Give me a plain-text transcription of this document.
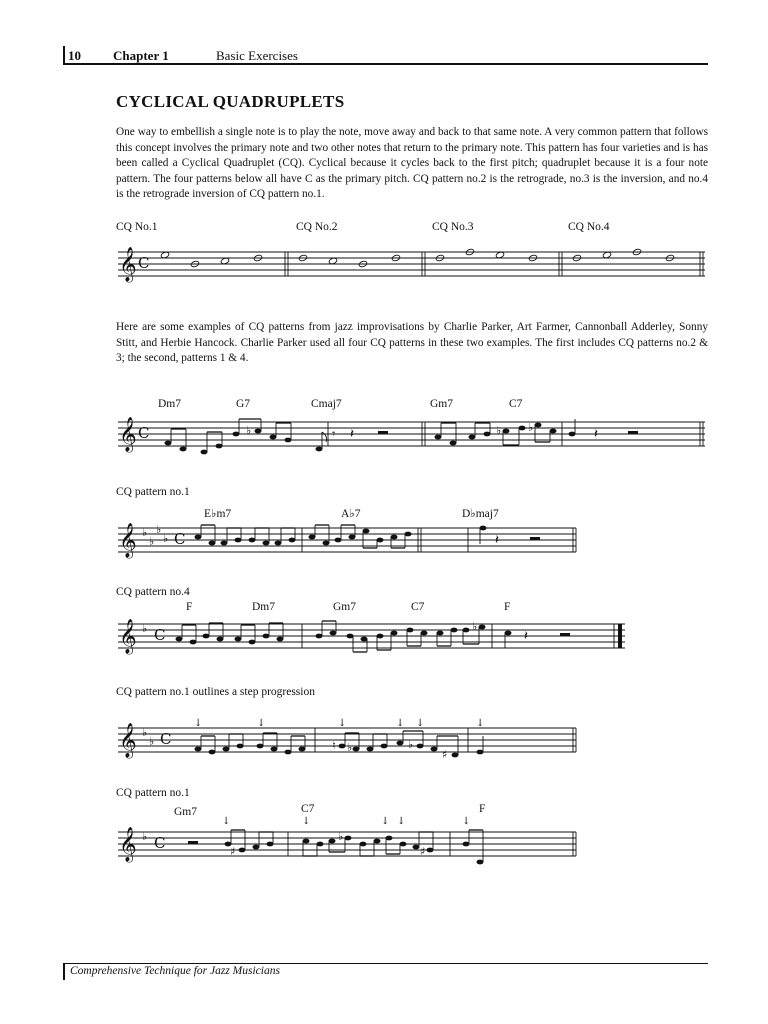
10 Chapter 1	Basic Exercises
CYCLICAL QUADRUPLETS
One way to embellish a single note is to play the note, move away and back to that same note. A very common pattern that follows this concept involves the primary note and two other notes that return to the primary note. This pattern has four varieties and is has been called a Cyclical Quadruplet (CQ). Cyclical because it cycles back to the first pitch; quadruplet because it is a four note pattern. The four patterns below all have C as the primary pitch. CQ pattern no.2 is the retrograde, no.3 is the inversion, and no.4 is the retrograde inversion of CQ pattern no.1.
CQ No.1	CQ No.2	CQ No.3	CQ No.4
𝄞 C
Here are some examples of CQ patterns from jazz improvisations by Charlie Parker, Art Farmer, Cannonball Adderley, Sonny Stitt, and Herbie Hancock. Charlie Parker used all four CQ patterns in these two examples. The first includes CQ patterns no.2 & 3; the second, patterns 1 & 4.
Dm7	G7	Cmaj7	Gm7	C7
𝄞 C	♭	𝄾 𝄽	♭ ♭	𝄽
CQ pattern no.1
E♭m7	A♭7	D♭maj7
𝄞 ♭
♭
♭
♭ C	𝄽
CQ pattern no.4
F	Dm7	Gm7	C7	F
𝄞 ♭ C	♭
𝄽
CQ pattern no.1 outlines a step progression
𝄞 ♭
♭ C
↓	↓	↓	↓ ↓	↓
♮ ♭	♭
♯
CQ pattern no.1
Gm7	C7	F
𝄞 ♭ C
↓	↓	↓ ↓	↓
♯
♭
♯
Comprehensive Technique for Jazz Musicians
